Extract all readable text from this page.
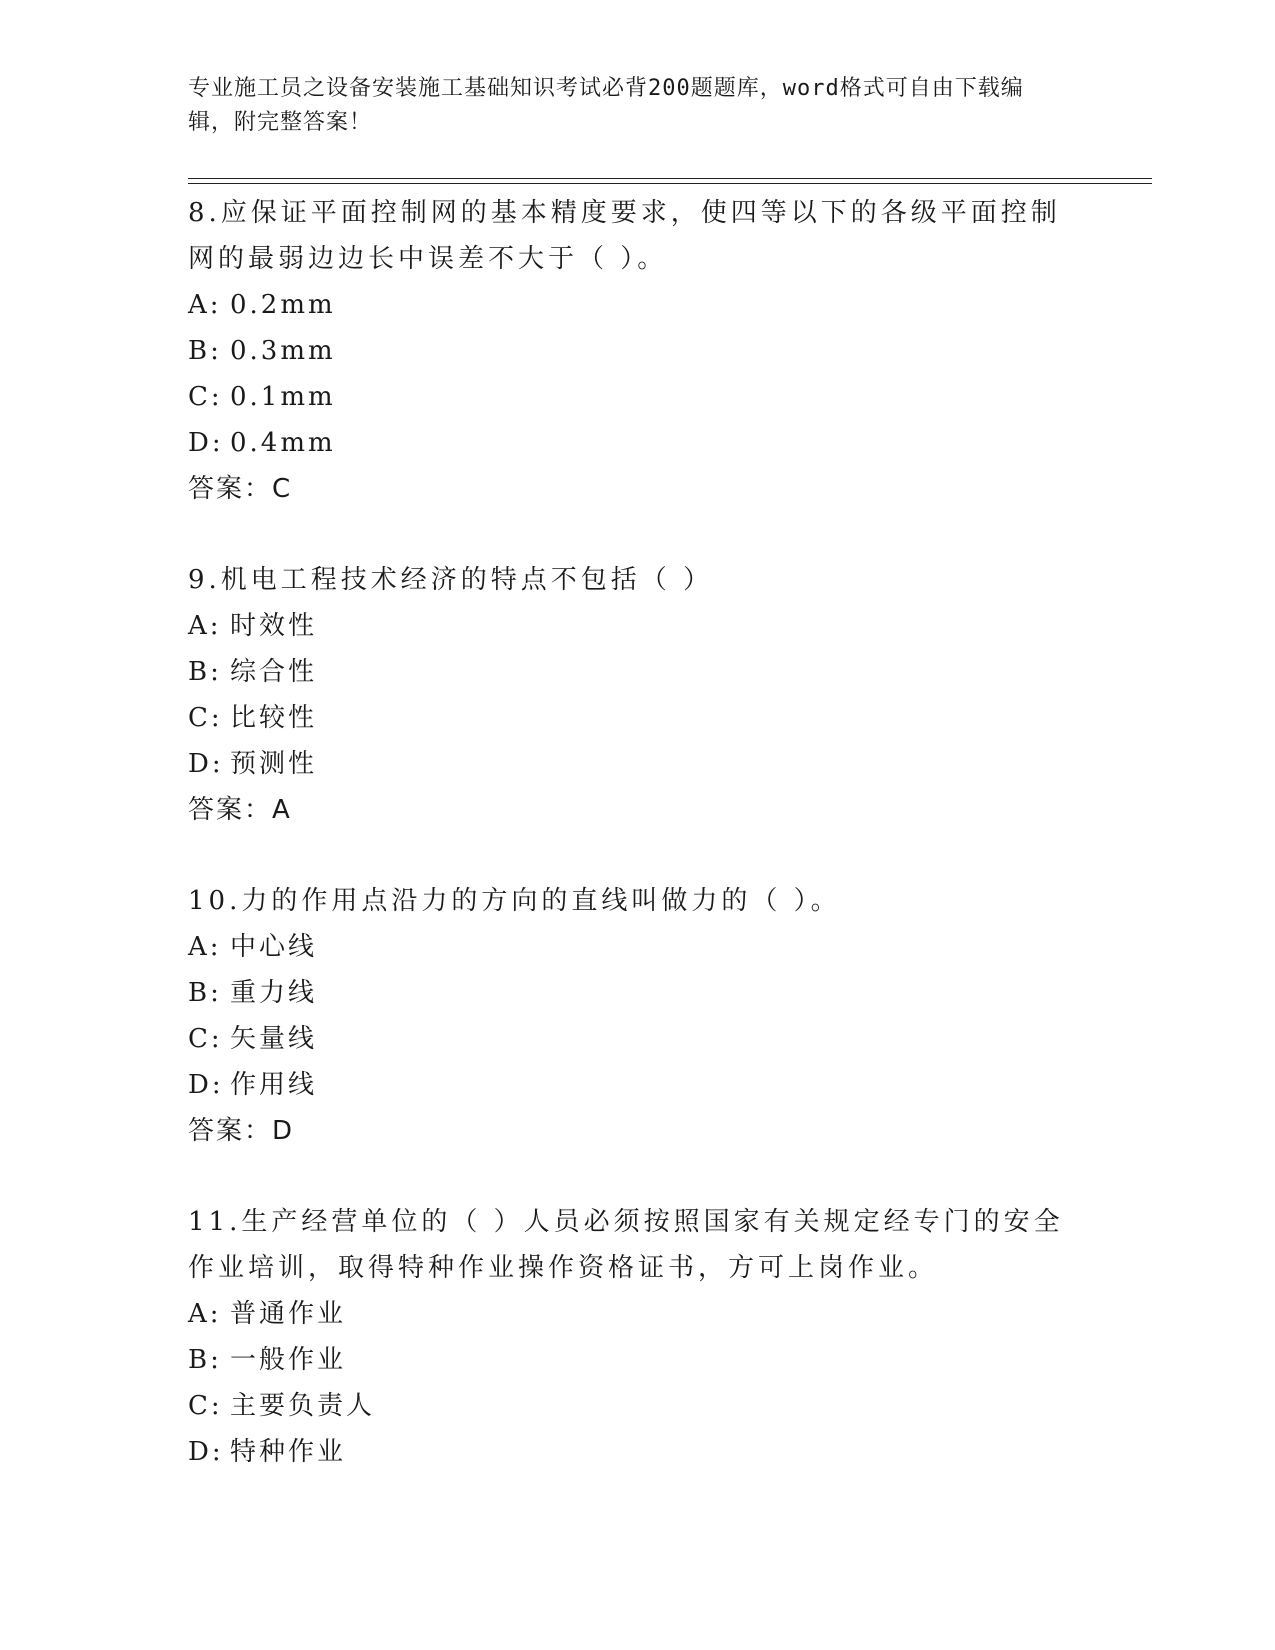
专业施工员之设备安装施工基础知识考试必背200题题库，word格式可自由下载编辑，附完整答案！

8.应保证平面控制网的基本精度要求，使四等以下的各级平面控制网的最弱边边长中误差不大于（ ）。

A: 0.2mm

B: 0.3mm

C: 0.1mm

D: 0.4mm

答案：C

9.机电工程技术经济的特点不包括（ ）

A: 时效性

B: 综合性

C: 比较性

D: 预测性

答案：A

10.力的作用点沿力的方向的直线叫做力的（ ）。

A: 中心线

B: 重力线

C: 矢量线

D: 作用线

答案：D

11.生产经营单位的（ ）人员必须按照国家有关规定经专门的安全作业培训，取得特种作业操作资格证书，方可上岗作业。

A: 普通作业

B: 一般作业

C: 主要负责人

D: 特种作业
